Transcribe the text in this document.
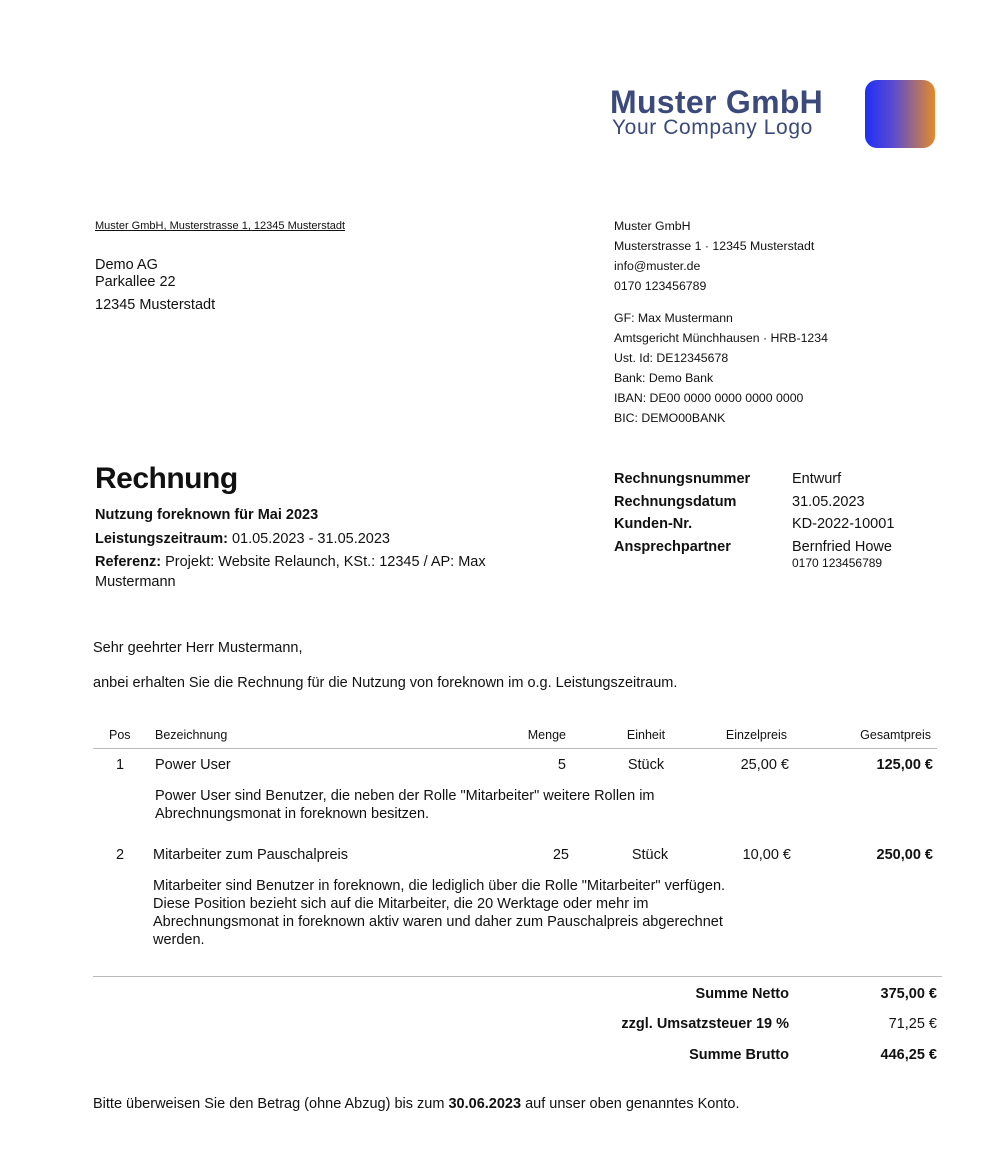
Muster GmbH
Your Company Logo
Muster GmbH, Musterstrasse 1, 12345 Musterstadt
Demo AG
Parkallee 22
12345 Musterstadt
Muster GmbH
Musterstrasse 1 · 12345 Musterstadt
info@muster.de
0170 123456789
GF: Max Mustermann
Amtsgericht Münchhausen · HRB-1234
Ust. Id: DE12345678
Bank: Demo Bank
IBAN: DE00 0000 0000 0000 0000
BIC: DEMO00BANK
Rechnung
Nutzung foreknown für Mai 2023
Leistungszeitraum: 01.05.2023 - 31.05.2023
Referenz: Projekt: Website Relaunch, KSt.: 12345 / AP: Max Mustermann
Rechnungsnummer	Entwurf
Rechnungsdatum	31.05.2023
Kunden-Nr.	KD-2022-10001
Ansprechpartner	Bernfried Howe
0170 123456789
Sehr geehrter Herr Mustermann,
anbei erhalten Sie die Rechnung für die Nutzung von foreknown im o.g. Leistungszeitraum.
Pos Bezeichnung	Menge	Einheit	Einzelpreis	Gesamtpreis
1 Power User	5	Stück	25,00 €	125,00 €
Power User sind Benutzer, die neben der Rolle "Mitarbeiter" weitere Rollen im Abrechnungsmonat in foreknown besitzen.
2 Mitarbeiter zum Pauschalpreis	25	Stück	10,00 €	250,00 €
Mitarbeiter sind Benutzer in foreknown, die lediglich über die Rolle "Mitarbeiter" verfügen. Diese Position bezieht sich auf die Mitarbeiter, die 20 Werktage oder mehr im Abrechnungsmonat in foreknown aktiv waren und daher zum Pauschalpreis abgerechnet werden.
Summe Netto	375,00 €
zzgl. Umsatzsteuer 19 %	71,25 €
Summe Brutto	446,25 €
Bitte überweisen Sie den Betrag (ohne Abzug) bis zum 30.06.2023 auf unser oben genanntes Konto.
